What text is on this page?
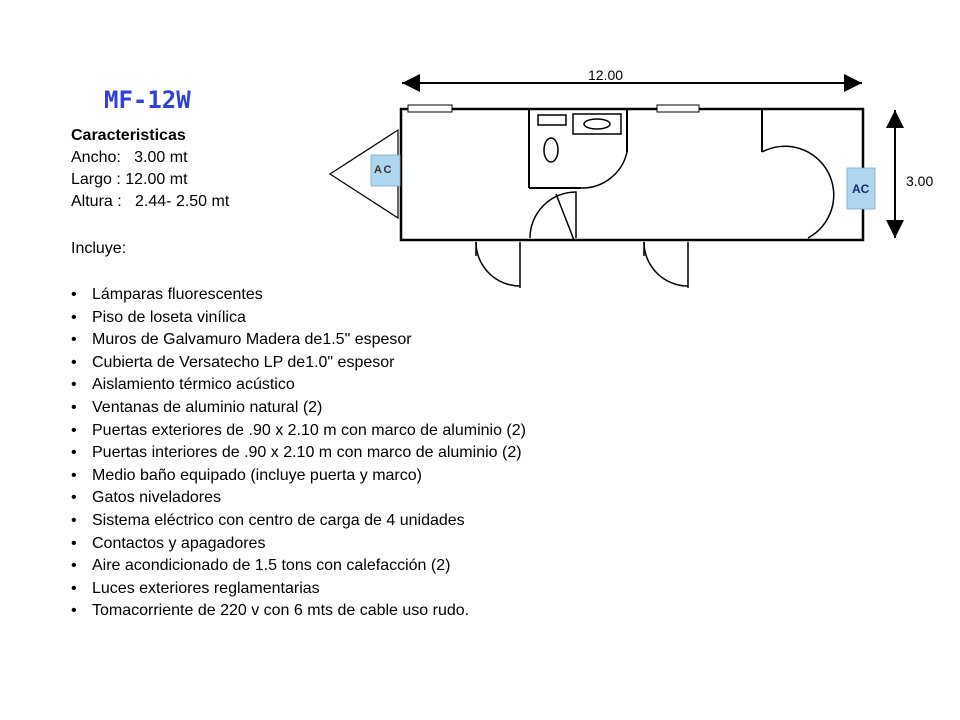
MF-12W
Caracteristicas
Ancho:   3.00 mt
Largo : 12.00 mt
Altura :   2.44- 2.50 mt
Incluye:
• Lámparas fluorescentes
• Piso de loseta vinílica
• Muros de Galvamuro Madera de1.5" espesor
• Cubierta de Versatecho LP de1.0" espesor
• Aislamiento térmico acústico
• Ventanas de aluminio natural (2)
• Puertas exteriores de .90 x 2.10 m con marco de aluminio (2)
• Puertas interiores de .90 x 2.10 m con marco de aluminio (2)
• Medio baño equipado (incluye puerta y marco)
• Gatos niveladores
• Sistema eléctrico con centro de carga de 4 unidades
• Contactos y apagadores
• Aire acondicionado de 1.5 tons con calefacción (2)
• Luces exteriores reglamentarias
• Tomacorriente de 220 v con 6 mts de cable uso rudo.
12.00
3.00
AC
AC
